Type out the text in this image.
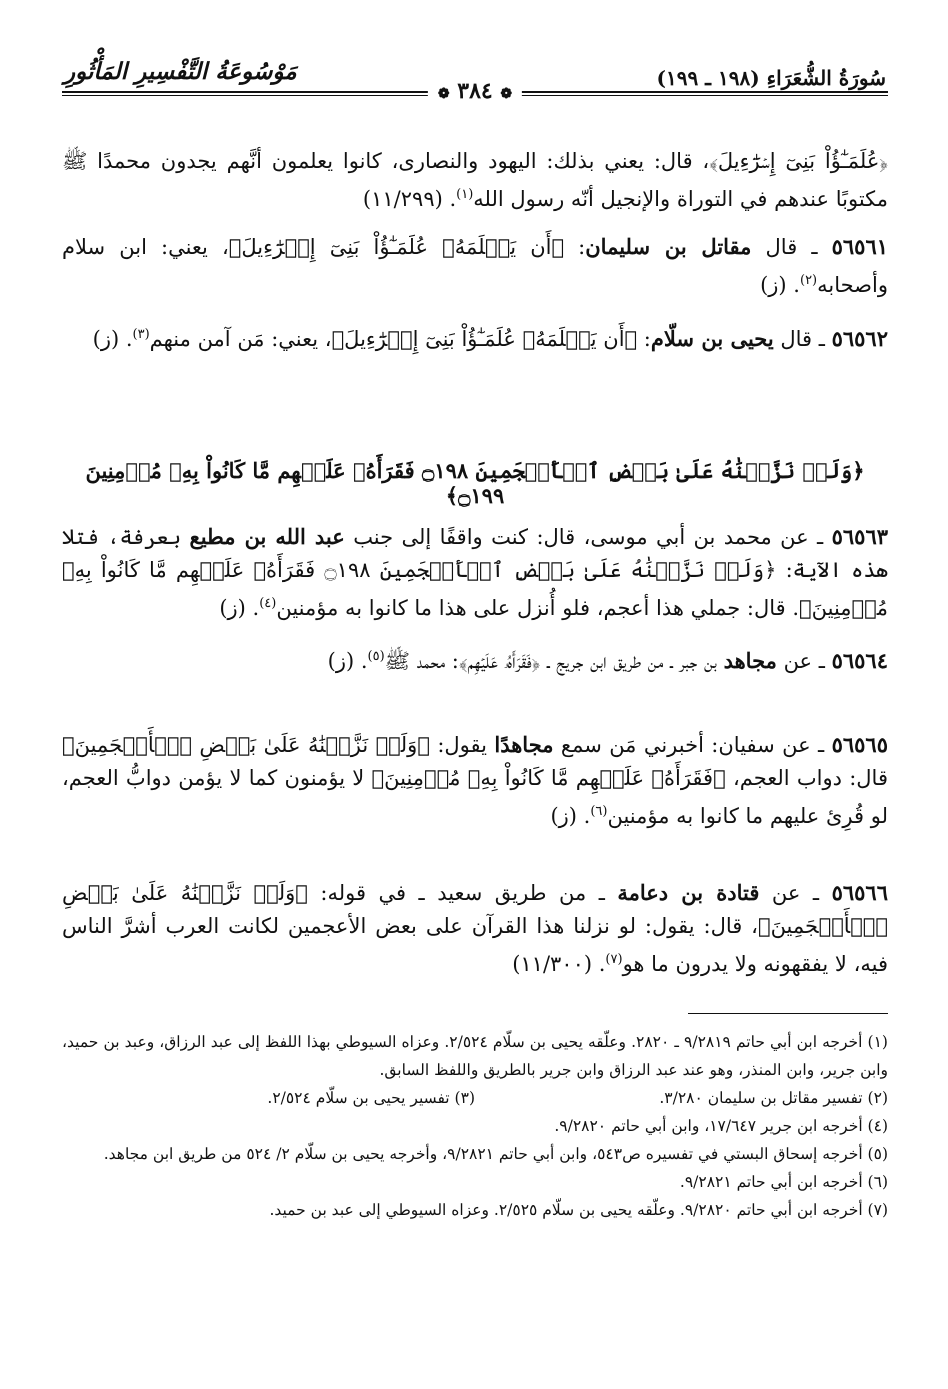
سُورَةُ الشُّعَرَاءِ (١٩٨ ـ ١٩٩)
مَوْسُوعَةُ التَّفْسِيرِ المَأْثُورِ
❁ ٣٨٤ ❁

﴿عُلَمَـٰٓؤُاْ بَنِىٓ إِسۡرَٰٓءِيلَ﴾، قال: يعني بذلك: اليهود والنصارى، كانوا يعلمون أنَّهم يجدون محمدًا ﷺ مكتوبًا عندهم في التوراة والإنجيل أنّه رسول الله$^{(١)}$. (١١/٢٩٩)

٥٦٥٦١ ـ قال مقاتل بن سليمان: ﴿أَن يَعۡلَمَهُۥ عُلَمَـٰٓؤُاْ بَنِىٓ إِسۡرَٰٓءِيلَ﴾، يعني: ابن سلام وأصحابه$^{(٢)}$. (ز)

٥٦٥٦٢ ـ قال يحيى بن سلّام: ﴿أَن يَعۡلَمَهُۥ عُلَمَـٰٓؤُاْ بَنِىٓ إِسۡرَٰٓءِيلَ﴾، يعني: مَن آمن منهم$^{(٣)}$. (ز)

﴿وَلَوۡ نَزَّلۡنَٰهُ عَلَىٰ بَعۡضِ ٱلۡأَعۡجَمِينَ ۝١٩٨ فَقَرَأَهُۥ عَلَيۡهِم مَّا كَانُواْ بِهِۦ مُؤۡمِنِينَ ۝١٩٩﴾

٥٦٥٦٣ ـ عن محمد بن أبي موسى، قال: كنت واقفًا إلى جنب عبد الله بن مطيع بعرفة، فتلا هذه الآية: ﴿وَلَوۡ نَزَّلۡنَٰهُ عَلَىٰ بَعۡضِ ٱلۡأَعۡجَمِينَ ۝١٩٨ فَقَرَأَهُۥ عَلَيۡهِم مَّا كَانُواْ بِهِۦ مُؤۡمِنِينَ﴾. قال: جملي هذا أعجم، فلو أُنزل على هذا ما كانوا به مؤمنين$^{(٤)}$. (ز)

٥٦٥٦٤ ـ عن مجاهد بن جبر ـ من طريق ابن جريج ـ ﴿فَقَرَأَهُۥ عَلَيۡهِم﴾: محمد ﷺ$^{(٥)}$. (ز)

٥٦٥٦٥ ـ عن سفيان: أخبرني مَن سمع مجاهدًا يقول: ﴿وَلَوۡ نَزَّلۡنَٰهُ عَلَىٰ بَعۡضِ ٱلۡأَعۡجَمِينَ﴾ قال: دواب العجم، ﴿فَقَرَأَهُۥ عَلَيۡهِم مَّا كَانُواْ بِهِۦ مُؤۡمِنِينَ﴾ لا يؤمنون كما لا يؤمن دوابُّ العجم، لو قُرِئ عليهم ما كانوا به مؤمنين$^{(٦)}$. (ز)

٥٦٥٦٦ ـ عن قتادة بن دعامة ـ من طريق سعيد ـ في قوله: ﴿وَلَوۡ نَزَّلۡنَٰهُ عَلَىٰ بَعۡضِ ٱلۡأَعۡجَمِينَ﴾، قال: يقول: لو نزلنا هذا القرآن على بعض الأعجمين لكانت العرب أشرَّ الناس فيه، لا يفقهونه ولا يدرون ما هو$^{(٧)}$. (١١/٣٠٠)

(١) أخرجه ابن أبي حاتم ٩/٢٨١٩ ـ ٢٨٢٠. وعلّقه يحيى بن سلّام ٢/٥٢٤. وعزاه السيوطي بهذا اللفظ إلى عبد الرزاق، وعبد بن حميد، وابن جرير، وابن المنذر، وهو عند عبد الرزاق وابن جرير بالطريق واللفظ السابق.

(٢) تفسير مقاتل بن سليمان ٣/٢٨٠.

(٣) تفسير يحيى بن سلّام ٢/٥٢٤.

(٤) أخرجه ابن جرير ١٧/٦٤٧، وابن أبي حاتم ٩/٢٨٢٠.

(٥) أخرجه إسحاق البستي في تفسيره ص٥٤٣، وابن أبي حاتم ٩/٢٨٢١، وأخرجه يحيى بن سلّام ٢/ ٥٢٤ من طريق ابن مجاهد.

(٦) أخرجه ابن أبي حاتم ٩/٢٨٢١.

(٧) أخرجه ابن أبي حاتم ٩/٢٨٢٠. وعلّقه يحيى بن سلّام ٢/٥٢٥. وعزاه السيوطي إلى عبد بن حميد.
